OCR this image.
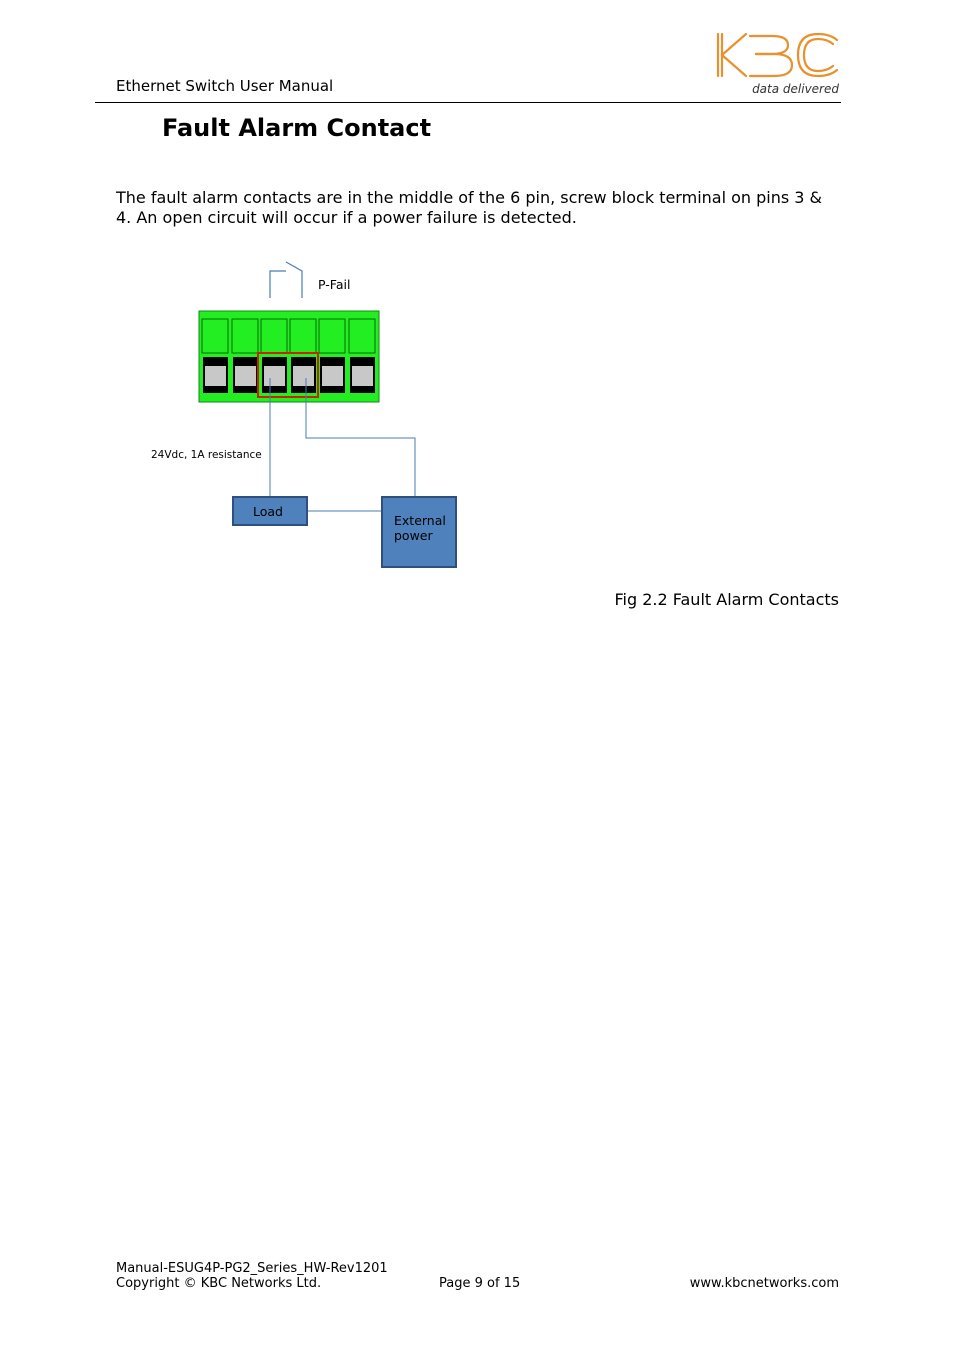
Ethernet Switch User Manual	data delivered
Fault Alarm Contact
The fault alarm contacts are in the middle of the 6 pin, screw block terminal on pins 3 & 4. An open circuit will occur if a power failure is detected.
P-Fail
24Vdc, 1A resistance
Load
External
power
Fig 2.2 Fault Alarm Contacts
Manual-ESUG4P-PG2_Series_HW-Rev1201
Copyright © KBC Networks Ltd.	Page 9 of 15	www.kbcnetworks.com
